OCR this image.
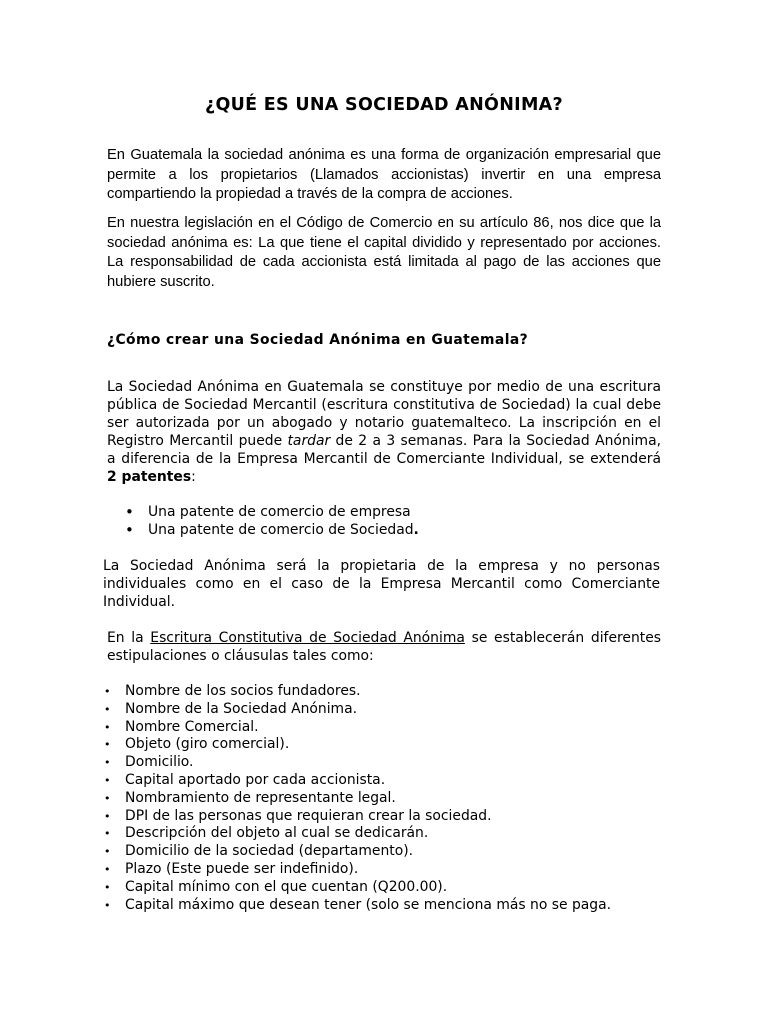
¿QUÉ ES UNA SOCIEDAD ANÓNIMA?

En Guatemala la sociedad anónima es una forma de organización empresarial que permite a los propietarios (Llamados accionistas) invertir en una empresa compartiendo la propiedad a través de la compra de acciones.

En nuestra legislación en el Código de Comercio en su artículo 86, nos dice que la sociedad anónima es: La que tiene el capital dividido y representado por acciones. La responsabilidad de cada accionista está limitada al pago de las acciones que hubiere suscrito.

¿Cómo crear una Sociedad Anónima en Guatemala?

La Sociedad Anónima en Guatemala se constituye por medio de una escritura pública de Sociedad Mercantil (escritura constitutiva de Sociedad) la cual debe ser autorizada por un abogado y notario guatemalteco. La inscripción en el Registro Mercantil puede tardar de 2 a 3 semanas. Para la Sociedad Anónima, a diferencia de la Empresa Mercantil de Comerciante Individual, se extenderá 2 patentes:

• Una patente de comercio de empresa
• Una patente de comercio de Sociedad.

La Sociedad Anónima será la propietaria de la empresa y no personas individuales como en el caso de la Empresa Mercantil como Comerciante Individual.

En la Escritura Constitutiva de Sociedad Anónima se establecerán diferentes estipulaciones o cláusulas tales como:

• Nombre de los socios fundadores.
• Nombre de la Sociedad Anónima.
• Nombre Comercial.
• Objeto (giro comercial).
• Domicilio.
• Capital aportado por cada accionista.
• Nombramiento de representante legal.
• DPI de las personas que requieran crear la sociedad.
• Descripción del objeto al cual se dedicarán.
• Domicilio de la sociedad (departamento).
• Plazo (Este puede ser indefinido).
• Capital mínimo con el que cuentan (Q200.00).
• Capital máximo que desean tener (solo se menciona más no se paga.
